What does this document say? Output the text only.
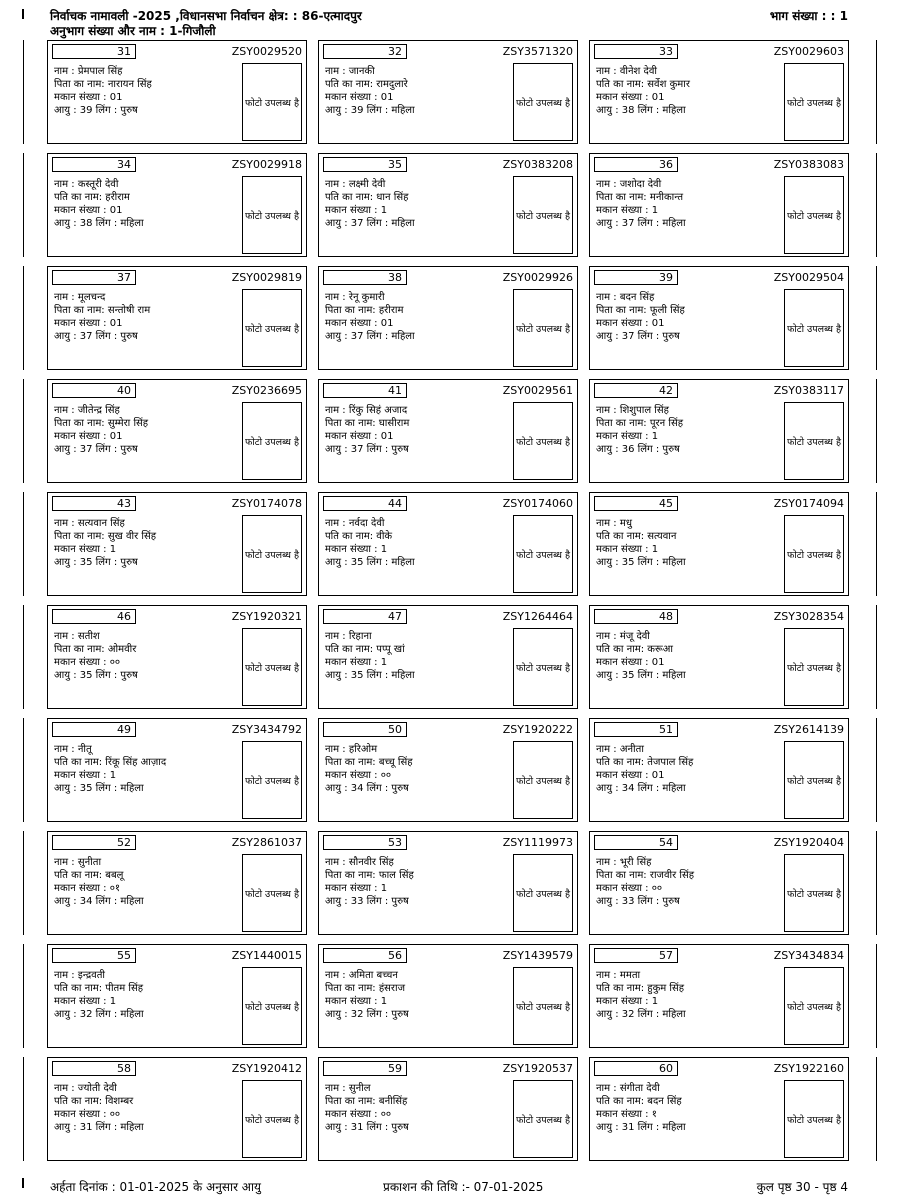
निर्वाचक नामावली -2025 ,विधानसभा निर्वाचन क्षेत्र: : 86-एत्मादपुर
अनुभाग संख्या और नाम : 1-गिजौली
भाग संख्या : : 1
31	ZSY0029520
नाम : प्रेमपाल सिंह
पिता का नाम: नारायन सिंह
मकान संख्या : 01
आयु : 39 लिंग : पुरुष
फोटो उपलब्ध है
32	ZSY3571320
नाम : जानकी
पति का नाम: रामदुलारे
मकान संख्या : 01
आयु : 39 लिंग : महिला
फोटो उपलब्ध है
33	ZSY0029603
नाम : वीनेश देवी
पति का नाम: सर्वेश कुमार
मकान संख्या : 01
आयु : 38 लिंग : महिला
फोटो उपलब्ध है
34	ZSY0029918
नाम : कस्तूरी देवी
पति का नाम: हरीराम
मकान संख्या : 01
आयु : 38 लिंग : महिला
फोटो उपलब्ध है
35	ZSY0383208
नाम : लक्ष्मी देवी
पति का नाम: धान सिंह
मकान संख्या : 1
आयु : 37 लिंग : महिला
फोटो उपलब्ध है
36	ZSY0383083
नाम : जशोदा देवी
पिता का नाम: मनीकान्त
मकान संख्या : 1
आयु : 37 लिंग : महिला
फोटो उपलब्ध है
37	ZSY0029819
नाम : मूलचन्द
पिता का नाम: सन्तोषी राम
मकान संख्या : 01
आयु : 37 लिंग : पुरुष
फोटो उपलब्ध है
38	ZSY0029926
नाम : रेनू कुमारी
पिता का नाम: हरीराम
मकान संख्या : 01
आयु : 37 लिंग : महिला
फोटो उपलब्ध है
39	ZSY0029504
नाम : बदन सिंह
पिता का नाम: फूली सिंह
मकान संख्या : 01
आयु : 37 लिंग : पुरुष
फोटो उपलब्ध है
40	ZSY0236695
नाम : जीतेन्द्र सिंह
पिता का नाम: सुम्मेरा सिंह
मकान संख्या : 01
आयु : 37 लिंग : पुरुष
फोटो उपलब्ध है
41	ZSY0029561
नाम : रिंकु सिहं अजाद
पिता का नाम: घासीराम
मकान संख्या : 01
आयु : 37 लिंग : पुरुष
फोटो उपलब्ध है
42	ZSY0383117
नाम : शिशुपाल सिंह
पिता का नाम: पूरन सिंह
मकान संख्या : 1
आयु : 36 लिंग : पुरुष
फोटो उपलब्ध है
43	ZSY0174078
नाम : सत्यवान सिंह
पिता का नाम: सुख वीर सिंह
मकान संख्या : 1
आयु : 35 लिंग : पुरुष
फोटो उपलब्ध है
44	ZSY0174060
नाम : नर्वदा देवी
पति का नाम: वीके
मकान संख्या : 1
आयु : 35 लिंग : महिला
फोटो उपलब्ध है
45	ZSY0174094
नाम : मधु
पति का नाम: सत्यवान
मकान संख्या : 1
आयु : 35 लिंग : महिला
फोटो उपलब्ध है
46	ZSY1920321
नाम : सतीश
पिता का नाम: ओमवीर
मकान संख्या : ००
आयु : 35 लिंग : पुरुष
फोटो उपलब्ध है
47	ZSY1264464
नाम : रिहाना
पति का नाम: पप्पू खां
मकान संख्या : 1
आयु : 35 लिंग : महिला
फोटो उपलब्ध है
48	ZSY3028354
नाम : मंजू देवी
पति का नाम: करूआ
मकान संख्या : 01
आयु : 35 लिंग : महिला
फोटो उपलब्ध है
49	ZSY3434792
नाम : नीतू
पति का नाम: रिंकू सिंह आज़ाद
मकान संख्या : 1
आयु : 35 लिंग : महिला
फोटो उपलब्ध है
50	ZSY1920222
नाम : हरिओम
पिता का नाम: बच्चू सिंह
मकान संख्या : ००
आयु : 34 लिंग : पुरुष
फोटो उपलब्ध है
51	ZSY2614139
नाम : अनीता
पति का नाम: तेजपाल सिंह
मकान संख्या : 01
आयु : 34 लिंग : महिला
फोटो उपलब्ध है
52	ZSY2861037
नाम : सुनीता
पति का नाम: बबलू
मकान संख्या : ०१
आयु : 34 लिंग : महिला
फोटो उपलब्ध है
53	ZSY1119973
नाम : सौनवीर सिंह
पिता का नाम: फाल सिंह
मकान संख्या : 1
आयु : 33 लिंग : पुरुष
फोटो उपलब्ध है
54	ZSY1920404
नाम : भूरी सिंह
पिता का नाम: राजवीर सिंह
मकान संख्या : ००
आयु : 33 लिंग : पुरुष
फोटो उपलब्ध है
55	ZSY1440015
नाम : इन्द्रवती
पति का नाम: पीतम सिंह
मकान संख्या : 1
आयु : 32 लिंग : महिला
फोटो उपलब्ध है
56	ZSY1439579
नाम : अमिता बच्चन
पिता का नाम: हंसराज
मकान संख्या : 1
आयु : 32 लिंग : पुरुष
फोटो उपलब्ध है
57	ZSY3434834
नाम : ममता
पति का नाम: हुकुम सिंह
मकान संख्या : 1
आयु : 32 लिंग : महिला
फोटो उपलब्ध है
58	ZSY1920412
नाम : ज्योती देवी
पति का नाम: विशम्बर
मकान संख्या : ००
आयु : 31 लिंग : महिला
फोटो उपलब्ध है
59	ZSY1920537
नाम : सुनील
पिता का नाम: बनीसिंह
मकान संख्या : ००
आयु : 31 लिंग : पुरुष
फोटो उपलब्ध है
60	ZSY1922160
नाम : संगीता देवी
पति का नाम: बदन सिंह
मकान संख्या : १
आयु : 31 लिंग : महिला
फोटो उपलब्ध है
अर्हता दिनांक : 01-01-2025 के अनुसार आयु	प्रकाशन की तिथि :- 07-01-2025	कुल पृष्ठ 30 - पृष्ठ 4
